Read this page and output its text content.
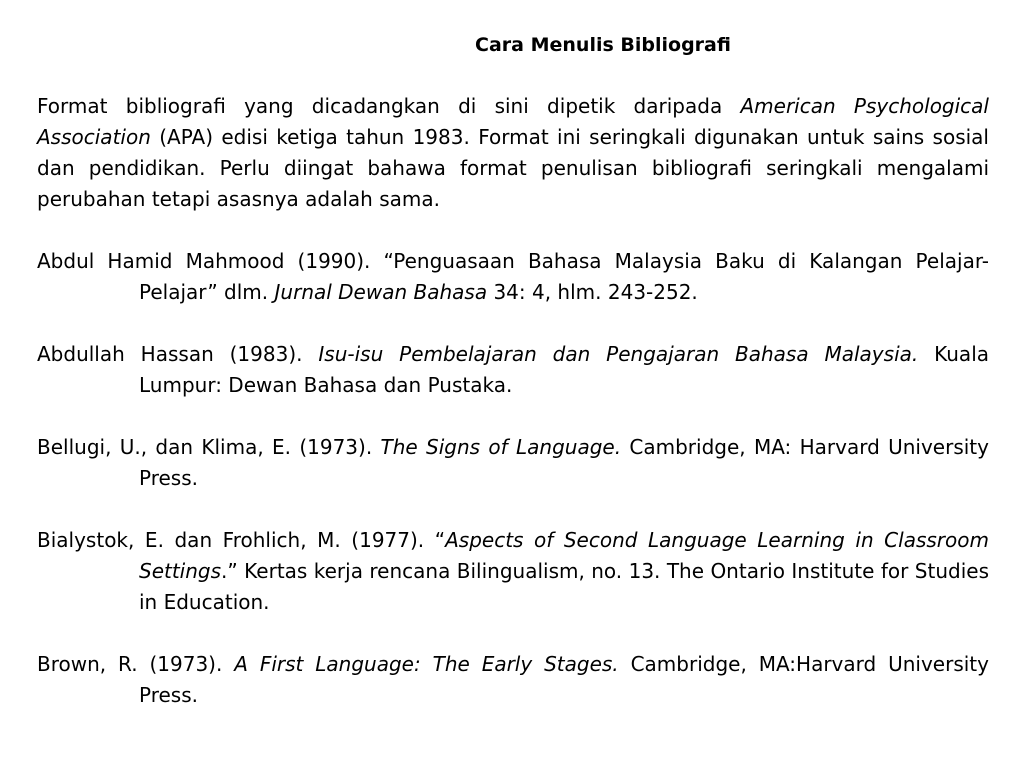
Cara Menulis Bibliografi

Format bibliografi yang dicadangkan di sini dipetik daripada American Psychological Association (APA) edisi ketiga tahun 1983. Format ini seringkali digunakan untuk sains sosial dan pendidikan. Perlu diingat bahawa format penulisan bibliografi seringkali mengalami perubahan tetapi asasnya adalah sama.

Abdul Hamid Mahmood (1990). “Penguasaan Bahasa Malaysia Baku di Kalangan Pelajar-Pelajar” dlm. Jurnal Dewan Bahasa 34: 4, hlm. 243-252.

Abdullah Hassan (1983). Isu-isu Pembelajaran dan Pengajaran Bahasa Malaysia. Kuala Lumpur: Dewan Bahasa dan Pustaka.

Bellugi, U., dan Klima, E. (1973). The Signs of Language. Cambridge, MA: Harvard University Press.

Bialystok, E. dan Frohlich, M. (1977). “Aspects of Second Language Learning in Classroom Settings.” Kertas kerja rencana Bilingualism, no. 13. The Ontario Institute for Studies in Education.

Brown, R. (1973). A First Language: The Early Stages. Cambridge, MA:Harvard University Press.
